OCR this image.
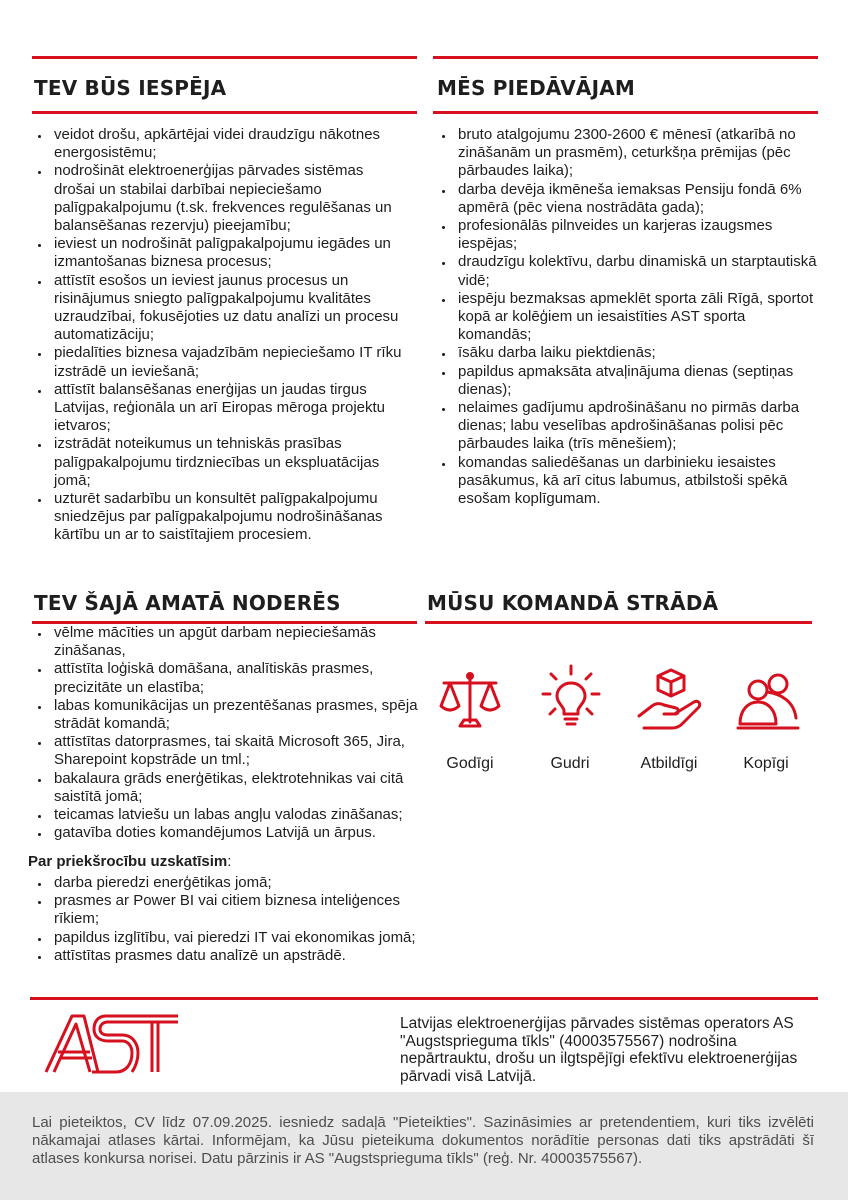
TEV BŪS IESPĒJA
veidot drošu, apkārtējai videi draudzīgu nākotnes energosistēmu;
nodrošināt elektroenerģijas pārvades sistēmas drošai un stabilai darbībai nepieciešamo palīgpakalpojumu (t.sk. frekvences regulēšanas un balansēšanas rezervju) pieejamību;
ieviest un nodrošināt palīgpakalpojumu iegādes un izmantošanas biznesa procesus;
attīstīt esošos un ieviest jaunus procesus un risinājumus sniegto palīgpakalpojumu kvalitātes uzraudzībai, fokusējoties uz datu analīzi un procesu automatizāciju;
piedalīties biznesa vajadzībām nepieciešamo IT rīku izstrādē un ieviešanā;
attīstīt balansēšanas enerģijas un jaudas tirgus Latvijas, reģionāla un arī Eiropas mēroga projektu ietvaros;
izstrādāt noteikumus un tehniskās prasības palīgpakalpojumu tirdzniecības un ekspluatācijas jomā;
uzturēt sadarbību un konsultēt palīgpakalpojumu sniedzējus par palīgpakalpojumu nodrošināšanas kārtību un ar to saistītajiem procesiem.
MĒS PIEDĀVĀJAM
bruto atalgojumu 2300-2600 € mēnesī (atkarībā no zināšanām un prasmēm), ceturkšņa prēmijas (pēc pārbaudes laika);
darba devēja ikmēneša iemaksas Pensiju fondā 6% apmērā (pēc viena nostrādāta gada);
profesionālās pilnveides un karjeras izaugsmes iespējas;
draudzīgu kolektīvu, darbu dinamiskā un starptautiskā vidē;
iespēju bezmaksas apmeklēt sporta zāli Rīgā, sportot kopā ar kolēģiem un iesaistīties AST sporta komandās;
īsāku darba laiku piektdienās;
papildus apmaksāta atvaļinājuma dienas (septiņas dienas);
nelaimes gadījumu apdrošināšanu no pirmās darba dienas; labu veselības apdrošināšanas polisi pēc pārbaudes laika (trīs mēnešiem);
komandas saliedēšanas un darbinieku iesaistes pasākumus, kā arī citus labumus, atbilstoši spēkā esošam koplīgumam.
TEV ŠAJĀ AMATĀ NODERĒS
vēlme mācīties un apgūt darbam nepieciešamās zināšanas,
attīstīta loģiskā domāšana, analītiskās prasmes, precizitāte un elastība;
labas komunikācijas un prezentēšanas prasmes, spēja strādāt komandā;
attīstītas datorprasmes, tai skaitā Microsoft 365, Jira, Sharepoint kopstrāde un tml.;
bakalaura grāds enerģētikas, elektrotehnikas vai citā saistītā jomā;
teicamas latviešu un labas angļu valodas zināšanas;
gatavība doties komandējumos Latvijā un ārpus.
Par priekšrocību uzskatīsim:
darba pieredzi enerģētikas jomā;
prasmes ar Power BI vai citiem biznesa inteliģences rīkiem;
papildus izglītību, vai pieredzi IT vai ekonomikas jomā;
attīstītas prasmes datu analīzē un apstrādē.
MŪSU KOMANDĀ STRĀDĀ
Godīgi	Gudri	Atbildīgi	Kopīgi
AST
Latvijas elektroenerģijas pārvades sistēmas operators AS "Augstsprieguma tīkls" (40003575567) nodrošina nepārtrauktu, drošu un ilgtspējīgi efektīvu elektroenerģijas pārvadi visā Latvijā.
Lai pieteiktos, CV līdz 07.09.2025. iesniedz sadaļā "Pieteikties". Sazināsimies ar pretendentiem, kuri tiks izvēlēti nākamajai atlases kārtai. Informējam, ka Jūsu pieteikuma dokumentos norādītie personas dati tiks apstrādāti šī atlases konkursa norisei. Datu pārzinis ir AS "Augstsprieguma tīkls" (reģ. Nr. 40003575567).
